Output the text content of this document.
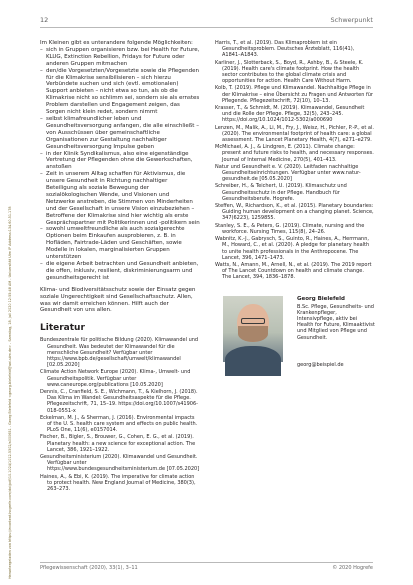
Heruntergeladen von https://econtent.hogrefe.com/doi/pdf/10.1024/1012-5302/a000651 - Georg Bielefeld <georg.bielefeld@uni-ulm.de> - Samstag, 18. Juli 2020 12:55:48 AM - Universität Ulm IP Address:134.60.51.178
12	Schwerpunkt

Im Kleinen gibt es unterandere folgende Möglichkeiten:

– sich in Gruppen organisieren bzw. bei Health for Future, KLUG, Extinction Rebellion, Fridays for Future oder anderen Gruppen mitmachen
– den/die Vorgesetzten/Vorgesetzte sowie die Pflegenden für die Klimakrise sensibilisieren – sich hierzu Verbündete suchen und sich (evtl. emotionalen) Support anbieten – nicht etwa so tun, als ob die Klimakrise nicht so schlimm sei, sondern sie als ernstes Problem darstellen und Engagement zeigen, das Sorgen nicht klein redet, sondern nimmt
– selbst klimafreundlicher leben und Gesundheitsversorgung anfangen, die alle einschließt – von Ausschüssen über gemeinschaftliche Organisationen zur Gestaltung nachhaltiger Gesundheitsversorgung Impulse geben
– in der Klinik Syndikalismus, also eine eigenständige Vertretung der Pflegenden ohne die Gewerkschaften, anstoßen
– Zeit in unserem Alltag schaffen für Aktivismus, die unsere Gesundheit in Richtung nachhaltiger Beteiligung als soziale Bewegung der sozialökologischen Wende, und Visionen und Netzwerke anstreben, die Stimmen von Minderheiten und der Gesellschaft in unsere Vision einzubeziehen – Betroffene der Klimakrise sind hier wichtig als erste Gesprächspartner mit Politikerinnen und -politikern sein
– sowohl umweltfreundliche als auch sozialgerechte Optionen beim Einkaufen ausprobieren, z. B. in Hofläden, Fairtrade-Läden und Geschäften, sowie Modelle in lokalen, marginalisierten Gruppen unterstützen
– die eigene Arbeit betrachten und Gesundheit anbieten, die offen, inklusiv, resilient, diskriminierungsarm und gesundheitsgerecht ist

Klima- und Biodiversitätsschutz sowie der Einsatz gegen soziale Ungerechtigkeit sind Gesellschaftsschutz. Allen, was wir damit erreichen können. Hilft auch der Gesundheit von uns allen.

Literatur

Bundeszentrale für politische Bildung (2020). Klimawandel und Gesundheit. Was bedeutet der Klimawandel für die menschliche Gesundheit? Verfügbar unter https://www.bpb.de/gesellschaft/umwelt/klimawandel [02.05.2020]

Climate Action Network Europe (2020). Klima-, Umwelt- und Gesundheitspolitik. Verfügbar unter www.caneurope.org/publications [10.05.2020]

Dennis, C., Cranfield, S. E., Wichmann, T., & Kielhorn, J. (2018). Das Klima im Wandel: Gesundheitsaspekte für die Pflege. Pflegezeitschrift, 71, 15–19. https://doi.org/10.1007/s41906-018-0551-x

Eckelman, M. J., & Sherman, J. (2016). Environmental impacts of the U. S. health care system and effects on public health. PLoS One, 11(6), e0157014.

Fischer, B., Bigler, S., Brouwer, G., Cohen, E. G., et al. (2019). Planetary health: a new science for exceptional action. The Lancet, 386, 1921–1922.

Gesundheitsministerium (2020). Klimawandel und Gesundheit. Verfügbar unter https://www.bundesgesundheitsministerium.de [07.05.2020]

Haines, A., & Ebi, K. (2019). The imperative for climate action to protect health. New England Journal of Medicine, 380(3), 263–273.

Harris, T., et al. (2019). Das Klimaproblem ist ein Gesundheitsproblem. Deutsches Ärzteblatt, 116(41), A1841–A1843.

Karliner, J., Slotterback, S., Boyd, R., Ashby, B., & Steele, K. (2019). Health care's climate footprint. How the health sector contributes to the global climate crisis and opportunities for action. Health Care Without Harm.

Kolb, T. (2019). Pflege und Klimawandel. Nachhaltige Pflege in der Klimakrise – eine Übersicht zu Fragen und Antworten für Pflegende. Pflegezeitschrift, 72(10), 10–13.

Krasser, T., & Schmidt, M. (2019). Klimawandel, Gesundheit und die Rolle der Pflege. Pflege, 32(5), 243–245. https://doi.org/10.1024/1012-5302/a000690

Lenzen, M., Malik, A., Li, M., Fry, J., Weisz, H., Pichler, P.-P., et al. (2020). The environmental footprint of health care: a global assessment. The Lancet Planetary Health, 4(7), e271–e279.

McMichael, A. J., & Lindgren, E. (2011). Climate change: present and future risks to health, and necessary responses. Journal of Internal Medicine, 270(5), 401–413.

Natur und Gesundheit e. V. (2020). Leitfaden nachhaltige Gesundheitseinrichtungen. Verfügbar unter www.natur-gesundheit.de [05.05.2020]

Schreiber, H., & Teichert, U. (2019). Klimaschutz und Gesundheitsschutz in der Pflege. Handbuch für Gesundheitsberufe. Hogrefe.

Steffen, W., Richardson, K., et al. (2015). Planetary boundaries: Guiding human development on a changing planet. Science, 347(6223), 1259855.

Stanley, S. E., & Peters, G. (2019). Climate, nursing and the workforce. Nursing Times, 115(8), 24–26.

Wabnitz, K.-J., Gabrysch, S., Guinto, R., Haines, A., Herrmann, M., Howard, C., et al. (2020). A pledge for planetary health to unite health professionals in the Anthropocene. The Lancet, 396, 1471–1473.

Watts, N., Amann, M., Arnell, N., et al. (2019). The 2019 report of The Lancet Countdown on health and climate change. The Lancet, 394, 1836–1878.

Georg Bielefeld

B.Sc. Pflege, Gesundheits- und Krankenpfleger, Intensivpflege, aktiv bei Health for Future, Klimaaktivist und Mitglied von Pflege und Gesundheit.

georg@beispiel.de
Pflegewissenschaft (2020), 33(1), 3–11	© 2020 Hogrefe
